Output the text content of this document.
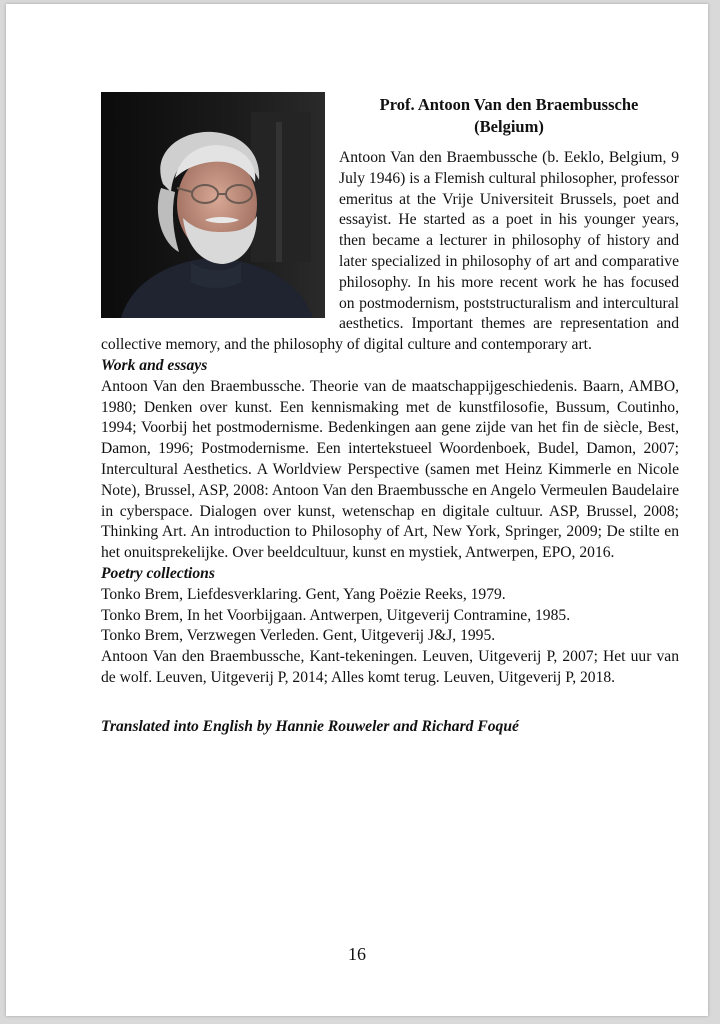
Prof. Antoon Van den Braembussche
(Belgium)

Antoon Van den Braembussche (b. Eeklo, Belgium, 9 July 1946) is a Flemish cultural philosopher, professor emeritus at the Vrije Universiteit Brussels, poet and essayist. He started as a poet in his younger years, then became a lecturer in philosophy of history and later specialized in philosophy of art and comparative philosophy. In his more recent work he has focused on postmodernism, poststructuralism and intercultural aesthetics. Important themes are representation and collective memory, and the philosophy of digital culture and contemporary art.

Work and essays

Antoon Van den Braembussche. Theorie van de maatschappijgeschiedenis. Baarn, AMBO, 1980; Denken over kunst. Een kennismaking met de kunstfilosofie, Bussum, Coutinho, 1994; Voorbij het postmodernisme. Bedenkingen aan gene zijde van het fin de siècle, Best, Damon, 1996; Postmodernisme. Een intertekstueel Woordenboek, Budel, Damon, 2007; Intercultural Aesthetics. A Worldview Perspective (samen met Heinz Kimmerle en Nicole Note), Brussel, ASP, 2008: Antoon Van den Braembussche en Angelo Vermeulen Baudelaire in cyberspace. Dialogen over kunst, wetenschap en digitale cultuur. ASP, Brussel, 2008; Thinking Art. An introduction to Philosophy of Art, New York, Springer, 2009; De stilte en het onuitsprekelijke. Over beeldcultuur, kunst en mystiek, Antwerpen, EPO, 2016.

Poetry collections

Tonko Brem, Liefdesverklaring. Gent, Yang Poëzie Reeks, 1979.

Tonko Brem, In het Voorbijgaan. Antwerpen, Uitgeverij Contramine, 1985.

Tonko Brem, Verzwegen Verleden. Gent, Uitgeverij J&J, 1995.

Antoon Van den Braembussche, Kant-tekeningen. Leuven, Uitgeverij P, 2007; Het uur van de wolf. Leuven, Uitgeverij P, 2014; Alles komt terug. Leuven, Uitgeverij P, 2018.

Translated into English by Hannie Rouweler and Richard Foqué

16
